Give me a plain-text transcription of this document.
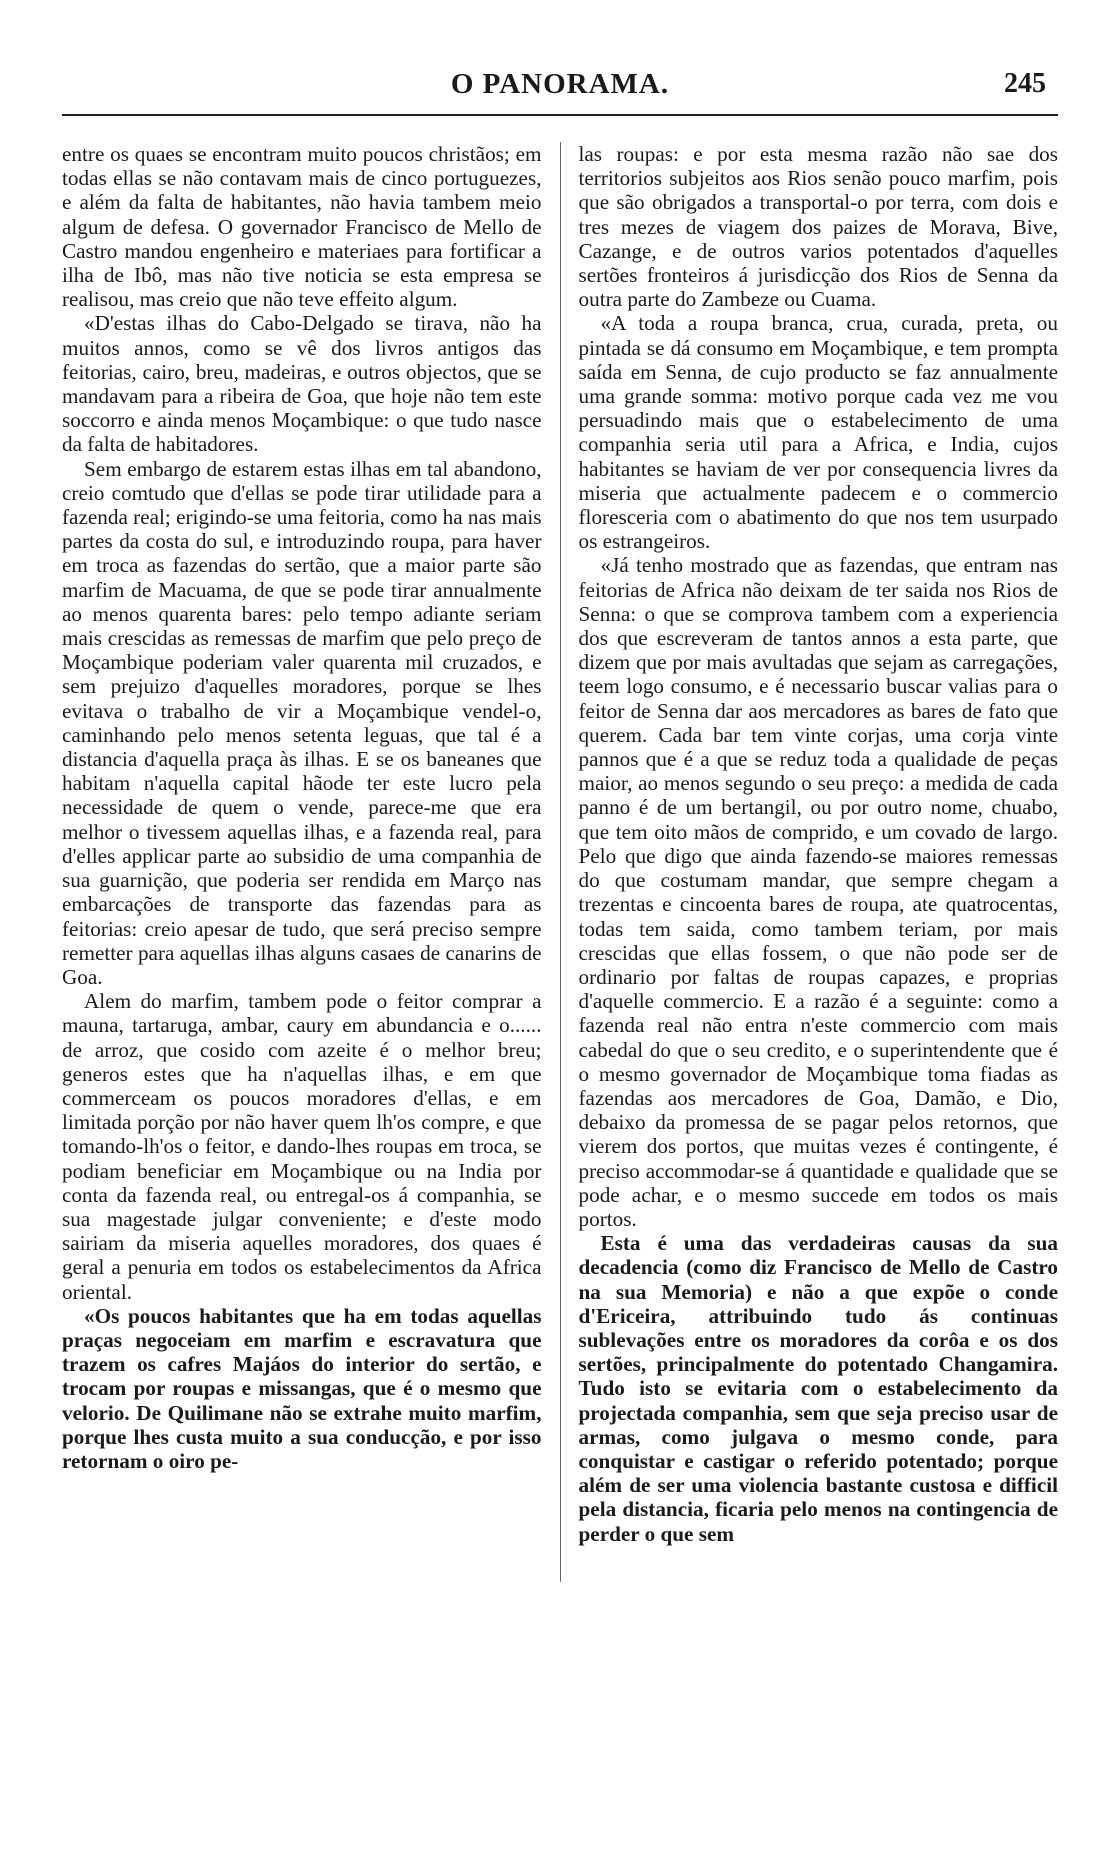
O PANORAMA.	245

entre os quaes se encontram muito poucos christãos; em todas ellas se não contavam mais de cinco portuguezes, e além da falta de habitantes, não havia tambem meio algum de defesa. O governador Francisco de Mello de Castro mandou engenheiro e materiaes para fortificar a ilha de Ibô, mas não tive noticia se esta empresa se realisou, mas creio que não teve effeito algum.

«D'estas ilhas do Cabo-Delgado se tirava, não ha muitos annos, como se vê dos livros antigos das feitorias, cairo, breu, madeiras, e outros objectos, que se mandavam para a ribeira de Goa, que hoje não tem este soccorro e ainda menos Moçambique: o que tudo nasce da falta de habitadores.

Sem embargo de estarem estas ilhas em tal abandono, creio comtudo que d'ellas se pode tirar utilidade para a fazenda real; erigindo-se uma feitoria, como ha nas mais partes da costa do sul, e introduzindo roupa, para haver em troca as fazendas do sertão, que a maior parte são marfim de Macuama, de que se pode tirar annualmente ao menos quarenta bares: pelo tempo adiante seriam mais crescidas as remessas de marfim que pelo preço de Moçambique poderiam valer quarenta mil cruzados, e sem prejuizo d'aquelles moradores, porque se lhes evitava o trabalho de vir a Moçambique vendel-o, caminhando pelo menos setenta leguas, que tal é a distancia d'aquella praça às ilhas. E se os baneanes que habitam n'aquella capital hãode ter este lucro pela necessidade de quem o vende, parece-me que era melhor o tivessem aquellas ilhas, e a fazenda real, para d'elles applicar parte ao subsidio de uma companhia de sua guarnição, que poderia ser rendida em Março nas embarcações de transporte das fazendas para as feitorias: creio apesar de tudo, que será preciso sempre remetter para aquellas ilhas alguns casaes de canarins de Goa.

Alem do marfim, tambem pode o feitor comprar a mauna, tartaruga, ambar, caury em abundancia e o...... de arroz, que cosido com azeite é o melhor breu; generos estes que ha n'aquellas ilhas, e em que commerceam os poucos moradores d'ellas, e em limitada porção por não haver quem lh'os compre, e que tomando-lh'os o feitor, e dando-lhes roupas em troca, se podiam beneficiar em Moçambique ou na India por conta da fazenda real, ou entregal-os á companhia, se sua magestade julgar conveniente; e d'este modo sairiam da miseria aquelles moradores, dos quaes é geral a penuria em todos os estabelecimentos da Africa oriental.

«Os poucos habitantes que ha em todas aquellas praças negoceiam em marfim e escravatura que trazem os cafres Majáos do interior do sertão, e trocam por roupas e missangas, que é o mesmo que velorio. De Quilimane não se extrahe muito marfim, porque lhes custa muito a sua conducção, e por isso retornam o oiro pe-

las roupas: e por esta mesma razão não sae dos territorios subjeitos aos Rios senão pouco marfim, pois que são obrigados a transportal-o por terra, com dois e tres mezes de viagem dos paizes de Morava, Bive, Cazange, e de outros varios potentados d'aquelles sertões fronteiros á jurisdicção dos Rios de Senna da outra parte do Zambeze ou Cuama.

«A toda a roupa branca, crua, curada, preta, ou pintada se dá consumo em Moçambique, e tem prompta saída em Senna, de cujo producto se faz annualmente uma grande somma: motivo porque cada vez me vou persuadindo mais que o estabelecimento de uma companhia seria util para a Africa, e India, cujos habitantes se haviam de ver por consequencia livres da miseria que actualmente padecem e o commercio floresceria com o abatimento do que nos tem usurpado os estrangeiros.

«Já tenho mostrado que as fazendas, que entram nas feitorias de Africa não deixam de ter saida nos Rios de Senna: o que se comprova tambem com a experiencia dos que escreveram de tantos annos a esta parte, que dizem que por mais avultadas que sejam as carregações, teem logo consumo, e é necessario buscar valias para o feitor de Senna dar aos mercadores as bares de fato que querem. Cada bar tem vinte corjas, uma corja vinte pannos que é a que se reduz toda a qualidade de peças maior, ao menos segundo o seu preço: a medida de cada panno é de um bertangil, ou por outro nome, chuabo, que tem oito mãos de comprido, e um covado de largo. Pelo que digo que ainda fazendo-se maiores remessas do que costumam mandar, que sempre chegam a trezentas e cincoenta bares de roupa, ate quatrocentas, todas tem saida, como tambem teriam, por mais crescidas que ellas fossem, o que não pode ser de ordinario por faltas de roupas capazes, e proprias d'aquelle commercio. E a razão é a seguinte: como a fazenda real não entra n'este commercio com mais cabedal do que o seu credito, e o superintendente que é o mesmo governador de Moçambique toma fiadas as fazendas aos mercadores de Goa, Damão, e Dio, debaixo da promessa de se pagar pelos retornos, que vierem dos portos, que muitas vezes é contingente, é preciso accommodar-se á quantidade e qualidade que se pode achar, e o mesmo succede em todos os mais portos.

Esta é uma das verdadeiras causas da sua decadencia (como diz Francisco de Mello de Castro na sua Memoria) e não a que expõe o conde d'Ericeira, attribuindo tudo ás continuas sublevações entre os moradores da corôa e os dos sertões, principalmente do potentado Changamira. Tudo isto se evitaria com o estabelecimento da projectada companhia, sem que seja preciso usar de armas, como julgava o mesmo conde, para conquistar e castigar o referido potentado; porque além de ser uma violencia bastante custosa e difficil pela distancia, ficaria pelo menos na contingencia de perder o que sem
